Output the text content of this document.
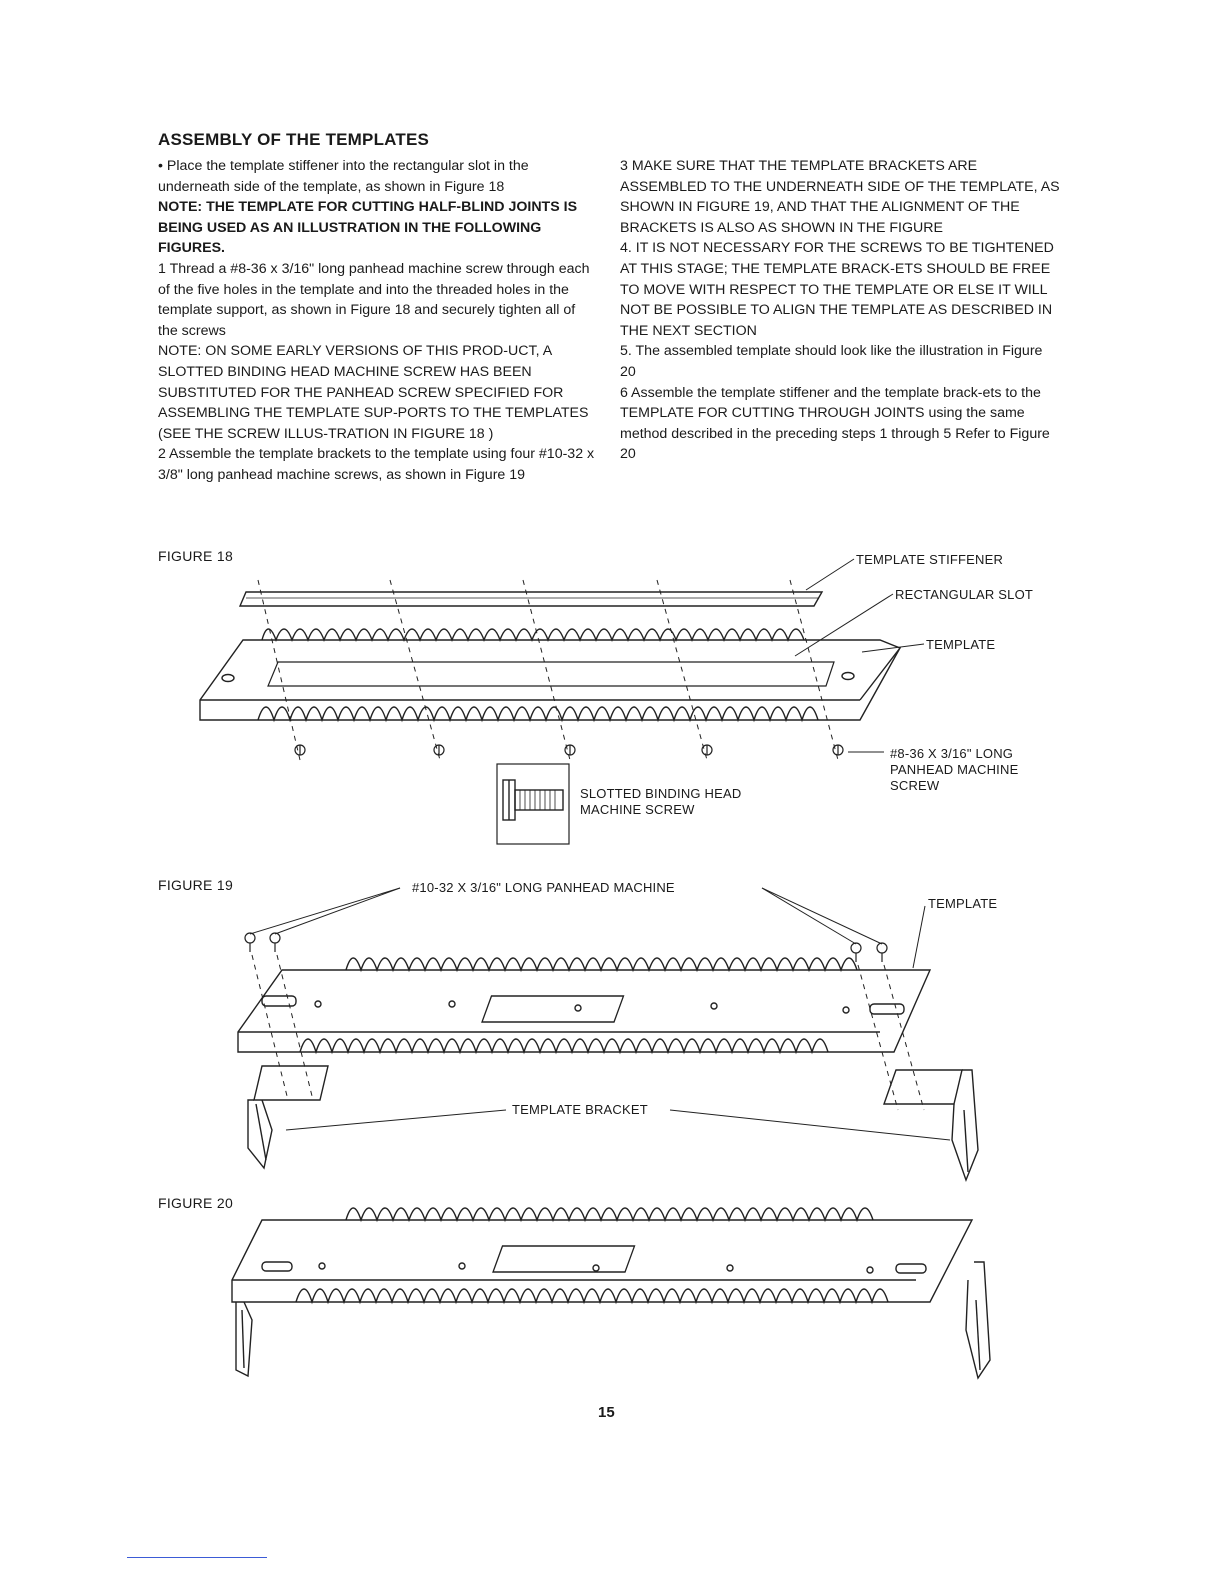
ASSEMBLY OF THE TEMPLATES

• Place the template stiffener into the rectangular slot in the underneath side of the template, as shown in Figure 18

NOTE: THE TEMPLATE FOR CUTTING HALF-BLIND JOINTS IS BEING USED AS AN ILLUSTRATION IN THE FOLLOWING FIGURES.

1 Thread a #8-36 x 3/16" long panhead machine screw through each of the five holes in the template and into the threaded holes in the template support, as shown in Figure 18 and securely tighten all of the screws

NOTE: ON SOME EARLY VERSIONS OF THIS PROD-UCT, A SLOTTED BINDING HEAD MACHINE SCREW HAS BEEN SUBSTITUTED FOR THE PANHEAD SCREW SPECIFIED FOR ASSEMBLING THE TEMPLATE SUP-PORTS TO THE TEMPLATES (SEE THE SCREW ILLUS-TRATION IN FIGURE 18 )

2 Assemble the template brackets to the template using four #10-32 x 3/8" long panhead machine screws, as shown in Figure 19

3 MAKE SURE THAT THE TEMPLATE BRACKETS ARE ASSEMBLED TO THE UNDERNEATH SIDE OF THE TEMPLATE, AS SHOWN IN FIGURE 19, AND THAT THE ALIGNMENT OF THE BRACKETS IS ALSO AS SHOWN IN THE FIGURE

4. IT IS NOT NECESSARY FOR THE SCREWS TO BE TIGHTENED AT THIS STAGE; THE TEMPLATE BRACK-ETS SHOULD BE FREE TO MOVE WITH RESPECT TO THE TEMPLATE OR ELSE IT WILL NOT BE POSSIBLE TO ALIGN THE TEMPLATE AS DESCRIBED IN THE NEXT SECTION

5. The assembled template should look like the illustration in Figure 20

6 Assemble the template stiffener and the template brack-ets to the TEMPLATE FOR CUTTING THROUGH JOINTS using the same method described in the preceding steps 1 through 5 Refer to Figure 20

FIGURE 18	TEMPLATE STIFFENER
RECTANGULAR SLOT
TEMPLATE
#8-36 X 3/16" LONG
PANHEAD MACHINE
SCREW
SLOTTED BINDING HEAD
MACHINE SCREW
FIGURE 19	#10-32 X 3/16" LONG PANHEAD MACHINE
TEMPLATE
TEMPLATE BRACKET
FIGURE 20
15
